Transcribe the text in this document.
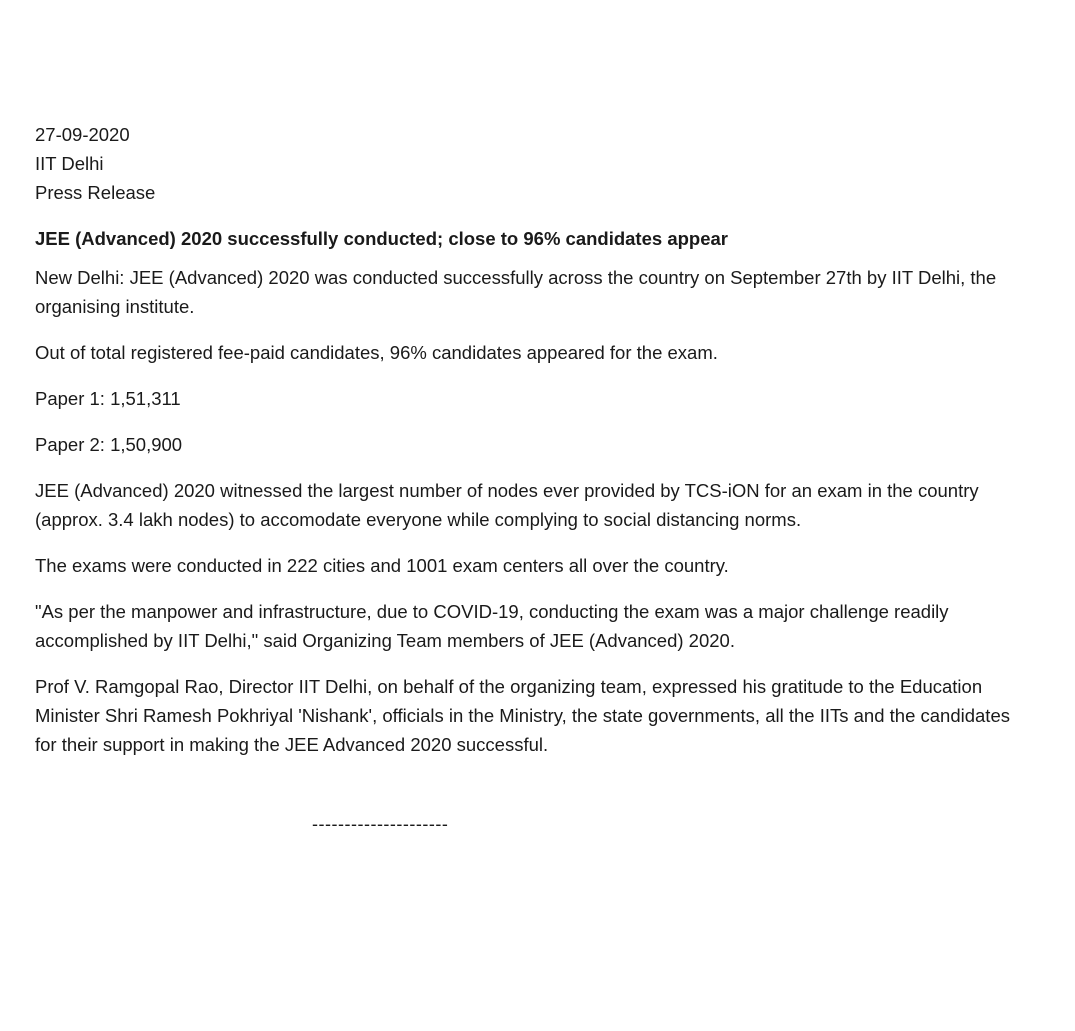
27-09-2020
IIT Delhi
Press Release
JEE (Advanced) 2020 successfully conducted; close to 96% candidates appear
New Delhi: JEE (Advanced) 2020 was conducted successfully across the country on September 27th by IIT Delhi, the organising institute.
Out of total registered fee-paid candidates, 96% candidates appeared for the exam.
Paper 1: 1,51,311
Paper 2: 1,50,900
JEE (Advanced) 2020 witnessed the largest number of nodes ever provided by TCS-iON for an exam in the country (approx. 3.4 lakh nodes) to accomodate everyone while complying to social distancing norms.
The exams were conducted in 222 cities and 1001 exam centers all over the country.
"As per the manpower and infrastructure, due to COVID-19, conducting the exam was a major challenge readily accomplished by IIT Delhi," said Organizing Team members of JEE (Advanced) 2020.
Prof V. Ramgopal Rao, Director IIT Delhi, on behalf of the organizing team, expressed his gratitude to the Education Minister Shri Ramesh Pokhriyal 'Nishank', officials in the Ministry, the state governments, all the IITs and the candidates for their support in making the JEE Advanced 2020 successful.
---------------------
